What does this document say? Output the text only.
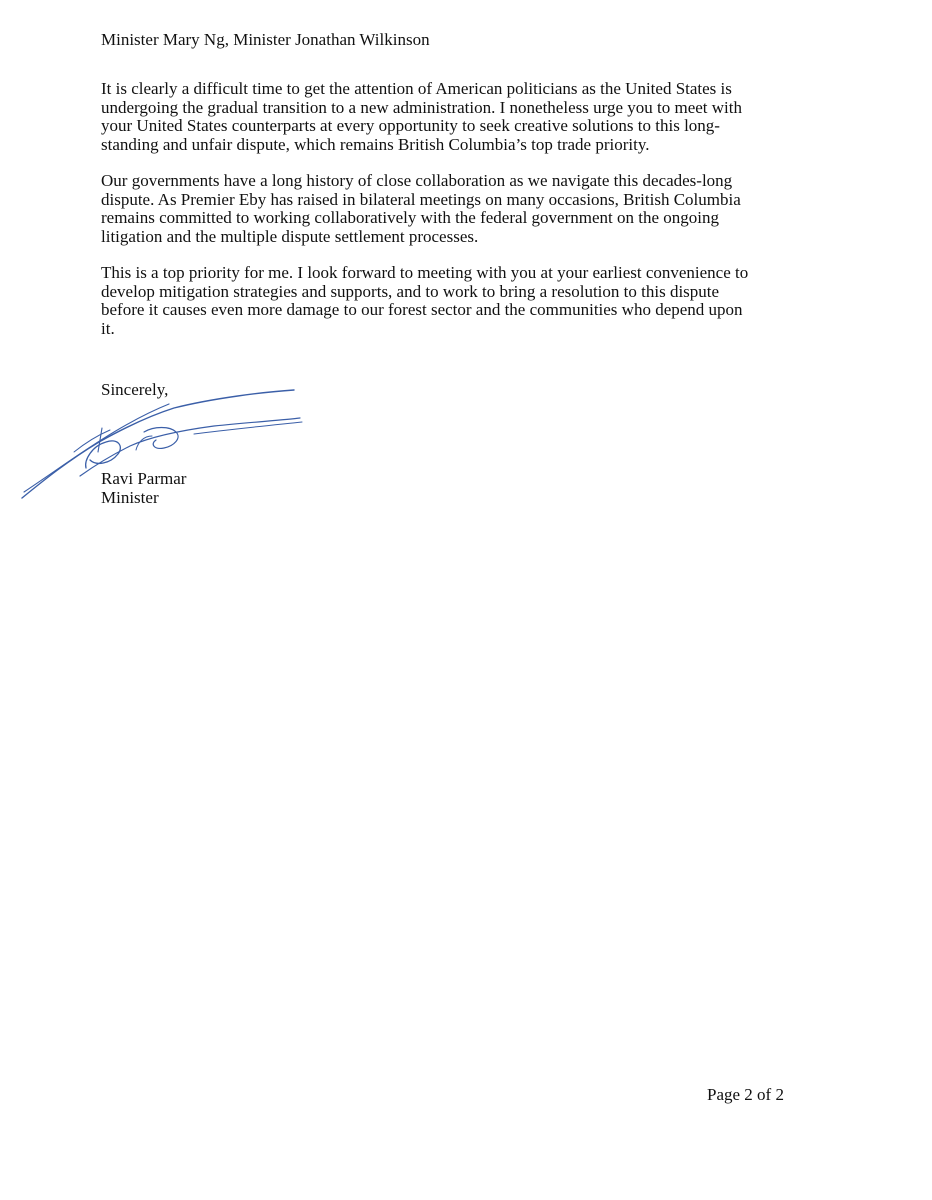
Minister Mary Ng, Minister Jonathan Wilkinson

It is clearly a difficult time to get the attention of American politicians as the United States is
undergoing the gradual transition to a new administration. I nonetheless urge you to meet with
your United States counterparts at every opportunity to seek creative solutions to this long-
standing and unfair dispute, which remains British Columbia’s top trade priority.

Our governments have a long history of close collaboration as we navigate this decades-long
dispute. As Premier Eby has raised in bilateral meetings on many occasions, British Columbia
remains committed to working collaboratively with the federal government on the ongoing
litigation and the multiple dispute settlement processes.

This is a top priority for me. I look forward to meeting with you at your earliest convenience to
develop mitigation strategies and supports, and to work to bring a resolution to this dispute
before it causes even more damage to our forest sector and the communities who depend upon
it.

Sincerely,
Ravi Parmar
Minister
Page 2 of 2
